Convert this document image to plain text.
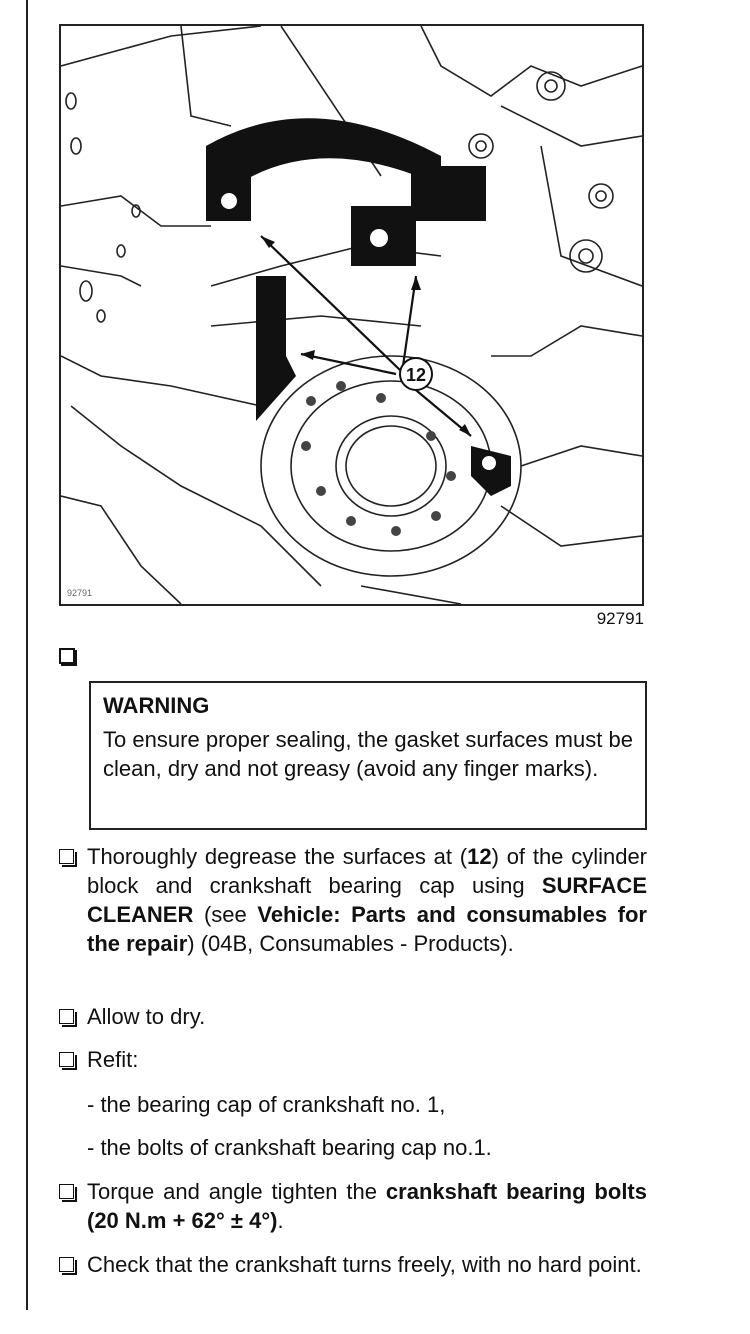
12
92791
92791
WARNING

To ensure proper sealing, the gasket surfaces must be clean, dry and not greasy (avoid any finger marks).

Thoroughly degrease the surfaces at (12) of the cylinder block and crankshaft bearing cap using SURFACE CLEANER (see Vehicle: Parts and consumables for the repair) (04B, Consumables - Products).
Allow to dry.
Refit:
- the bearing cap of crankshaft no. 1,
- the bolts of crankshaft bearing cap no.1.
Torque and angle tighten the crankshaft bearing bolts (20 N.m + 62° ± 4°).
Check that the crankshaft turns freely, with no hard point.
